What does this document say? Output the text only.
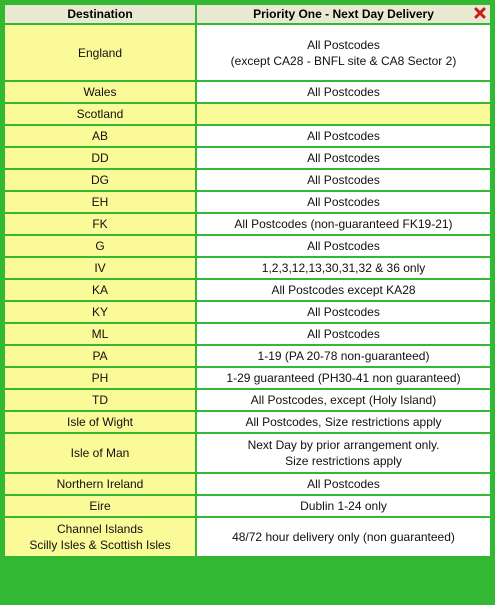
Destination	Priority One - Next Day Delivery

England	All Postcodes
(except CA28 - BNFL site & CA8 Sector 2)

Wales	All Postcodes

Scotland	

AB	All Postcodes

DD	All Postcodes

DG	All Postcodes

EH	All Postcodes

FK	All Postcodes (non-guaranteed FK19-21)

G	All Postcodes

IV	1,2,3,12,13,30,31,32 & 36 only

KA	All Postcodes except KA28

KY	All Postcodes

ML	All Postcodes

PA	1-19 (PA 20-78 non-guaranteed)

PH	1-29 guaranteed (PH30-41 non guaranteed)

TD	All Postcodes, except (Holy Island)

Isle of Wight	All Postcodes, Size restrictions apply

Isle of Man	Next Day by prior arrangement only.
Size restrictions apply

Northern Ireland	All Postcodes

Eire	Dublin 1-24 only

Channel Islands
Scilly Isles & Scottish Isles	48/72 hour delivery only (non guaranteed)
